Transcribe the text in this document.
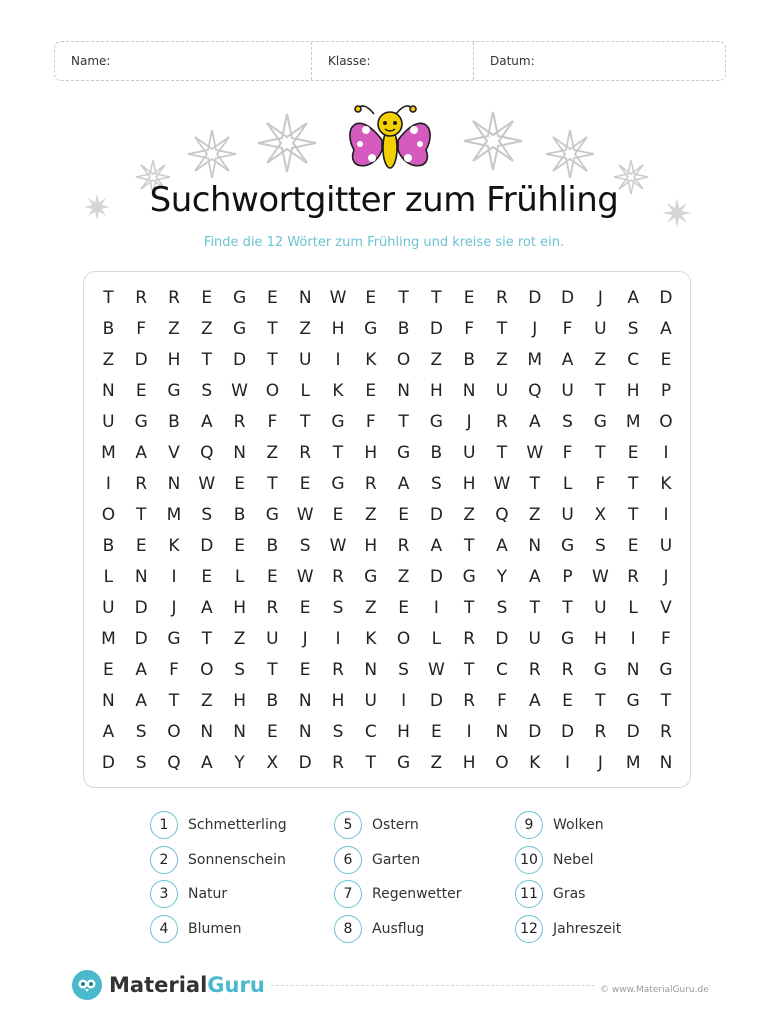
Name:	Klasse:	Datum:
Suchwortgitter zum Frühling
Finde die 12 Wörter zum Frühling und kreise sie rot ein.
T	R	R	E	G	E	N	W	E	T	T	E	R	D	D	J	A	D
B	F	Z	Z	G	T	Z	H	G	B	D	F	T	J	F	U	S	A
Z	D	H	T	D	T	U	I	K	O	Z	B	Z	M	A	Z	C	E
N	E	G	S	W	O	L	K	E	N	H	N	U	Q	U	T	H	P
U	G	B	A	R	F	T	G	F	T	G	J	R	A	S	G	M	O
M	A	V	Q	N	Z	R	T	H	G	B	U	T	W	F	T	E	I
I	R	N	W	E	T	E	G	R	A	S	H	W	T	L	F	T	K
O	T	M	S	B	G	W	E	Z	E	D	Z	Q	Z	U	X	T	I
B	E	K	D	E	B	S	W	H	R	A	T	A	N	G	S	E	U
L	N	I	E	L	E	W	R	G	Z	D	G	Y	A	P	W	R	J
U	D	J	A	H	R	E	S	Z	E	I	T	S	T	T	U	L	V
M	D	G	T	Z	U	J	I	K	O	L	R	D	U	G	H	I	F
E	A	F	O	S	T	E	R	N	S	W	T	C	R	R	G	N	G
N	A	T	Z	H	B	N	H	U	I	D	R	F	A	E	T	G	T
A	S	O	N	N	E	N	S	C	H	E	I	N	D	D	R	D	R
D	S	Q	A	Y	X	D	R	T	G	Z	H	O	K	I	J	M	N
1	Schmetterling
2	Sonnenschein
3	Natur
4	Blumen
5	Ostern
6	Garten
7	Regenwetter
8	Ausflug
9	Wolken
10	Nebel
11	Gras
12	Jahreszeit
MaterialGuru	© www.MaterialGuru.de
